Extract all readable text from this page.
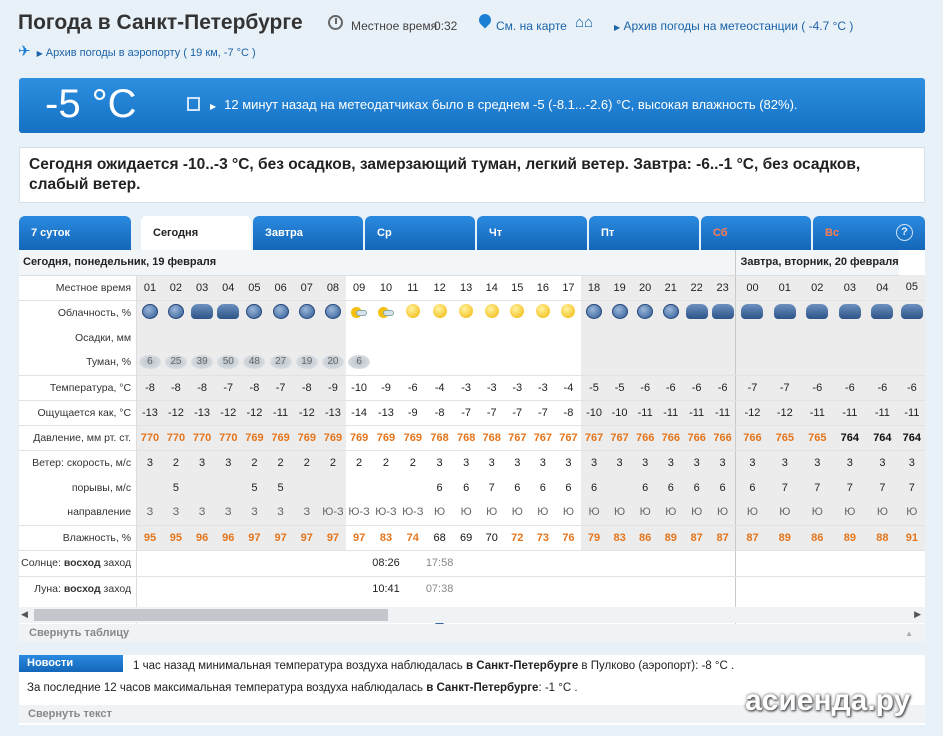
Погода в Санкт-Петербурге	Местное время
0:32	См. на карте ⌂⌂	▶ Архив погоды на метеостанции ( -4.7 °C )
✈ ▶ Архив погоды в аэропорту ( 19 км, -7 °C )
-5 °C	▶ 12 минут назад на метеодатчиках было в среднем -5 (-8.1...-2.6) °C, высокая влажность (82%).
Сегодня ожидается -10..-3 °C, без осадков, замерзающий туман, легкий ветер. Завтра: -6..-1 °C, без осадков, слабый ветер.
7 суток	Сегодня	Завтра	Ср	Чт	Пт	Сб	Вс	?
Сегодня, понедельник, 19 февраля																								Завтра, вторник, 20 февраля					
Местное время	01	02	03	04	05	06	07	08	09	10	11	12	13	14	15	16	17	18	19	20	21	22	23	00	01	02	03	04	05
Облачность, %									

Осадки, мм																													
Туман, %	6	25	39	50	48	27	19	20	6																				
Температура, °C	-8	-8	-8	-7	-8	-7	-8	-9	-10	-9	-6	-4	-3	-3	-3	-3	-4	-5	-5	-6	-6	-6	-6	-7	-7	-6	-6	-6	-6
Ощущается как, °C	-13	-12	-13	-12	-12	-11	-12	-13	-14	-13	-9	-8	-7	-7	-7	-7	-8	-10	-10	-11	-11	-11	-11	-12	-12	-11	-11	-11	-11
Давление, мм рт. ст.	770	770	770	770	769	769	769	769	769	769	769	768	768	768	767	767	767	767	767	766	766	766	766	766	765	765	764	764	764
Ветер: скорость, м/с	3	2	3	3	2	2	2	2	2	2	2	3	3	3	3	3	3	3	3	3	3	3	3	3	3	3	3	3	3
порывы, м/с		5			5	5						6	6	7	6	6	6	6		6	6	6	6	6	7	7	7	7	7
направление	З	З	З	З	З	З	З	Ю-З	Ю-З	Ю-З	Ю-З	Ю	Ю	Ю	Ю	Ю	Ю	Ю	Ю	Ю	Ю	Ю	Ю	Ю	Ю	Ю	Ю	Ю	Ю
Влажность, %	95	95	96	96	97	97	97	97	97	83	74	68	69	70	72	73	76	79	83	86	89	87	87	87	89	86	89	88	91
Солнце: восход заход										08:26		17:58																	
Луна: восход заход										10:41		07:38																	

◀	▶
Свернуть таблицу	▲
Новости погоды
1 час назад минимальная температура воздуха наблюдалась в Санкт-Петербурге в Пулково (аэропорт): -8 °C .
За последние 12 часов максимальная температура воздуха наблюдалась в Санкт-Петербурге: -1 °C .
Свернуть текст	асиенда.ру
